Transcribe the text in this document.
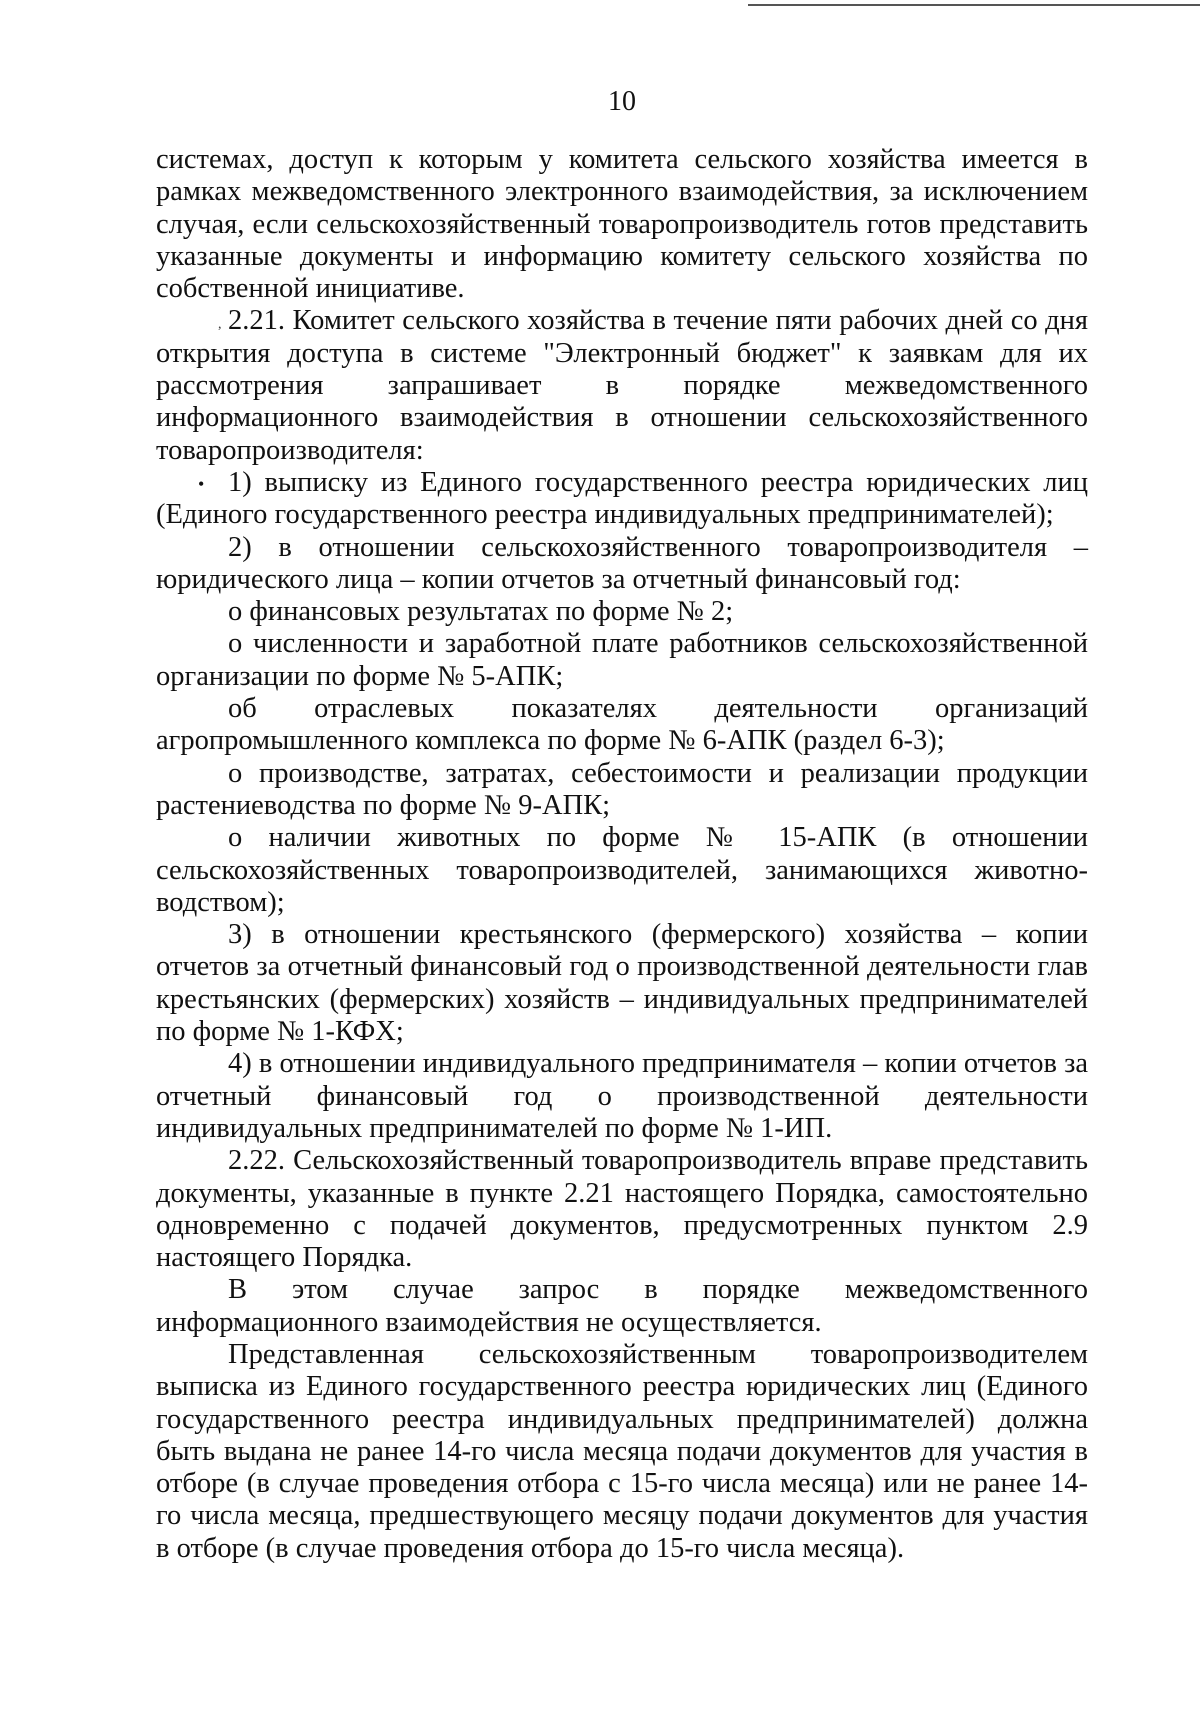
10
,
•

системах, доступ к которым у комитета сельского хозяйства имеется в рамках межведомственного электронного взаимодействия, за исключением случая, если сельскохозяйственный товаропроизводитель готов представить указанные документы и информацию комитету сельского хозяйства по собственной инициативе.

2.21. Комитет сельского хозяйства в течение пяти рабочих дней со дня открытия доступа в системе "Электронный бюджет" к заявкам для их рассмотрения запрашивает в порядке межведомственного информационного взаимодействия в отношении сельскохозяйственного товаропроизводителя:

1) выписку из Единого государственного реестра юридических лиц (Единого государственного реестра индивидуальных предпринимателей);

2) в отношении сельскохозяйственного товаропроизводителя – юридического лица – копии отчетов за отчетный финансовый год:

о финансовых результатах по форме № 2;

о численности и заработной плате работников сельскохозяйственной организации по форме № 5-АПК;

об отраслевых показателях деятельности организаций агропромышленного комплекса по форме № 6-АПК (раздел 6-3);

о производстве, затратах, себестоимости и реализации продукции растениеводства по форме № 9-АПК;

о наличии животных по форме № 15-АПК (в отношении сельскохозяйственных товаропроизводителей, занимающихся животноводством);

3) в отношении крестьянского (фермерского) хозяйства – копии отчетов за отчетный финансовый год о производственной деятельности глав крестьянских (фермерских) хозяйств – индивидуальных предпринимателей по форме № 1-КФХ;

4) в отношении индивидуального предпринимателя – копии отчетов за отчетный финансовый год о производственной деятельности индивидуальных предпринимателей по форме № 1-ИП.

2.22. Сельскохозяйственный товаропроизводитель вправе представить документы, указанные в пункте 2.21 настоящего Порядка, самостоятельно одновременно с подачей документов, предусмотренных пунктом 2.9 настоящего Порядка.

В этом случае запрос в порядке межведомственного информационного взаимодействия не осуществляется.

Представленная сельскохозяйственным товаропроизводителем выписка из Единого государственного реестра юридических лиц (Единого государственного реестра индивидуальных предпринимателей) должна быть выдана не ранее 14-го числа месяца подачи документов для участия в отборе (в случае проведения отбора с 15-го числа месяца) или не ранее 14-го числа месяца, предшествующего месяцу подачи документов для участия в отборе (в случае проведения отбора до 15-го числа месяца).
